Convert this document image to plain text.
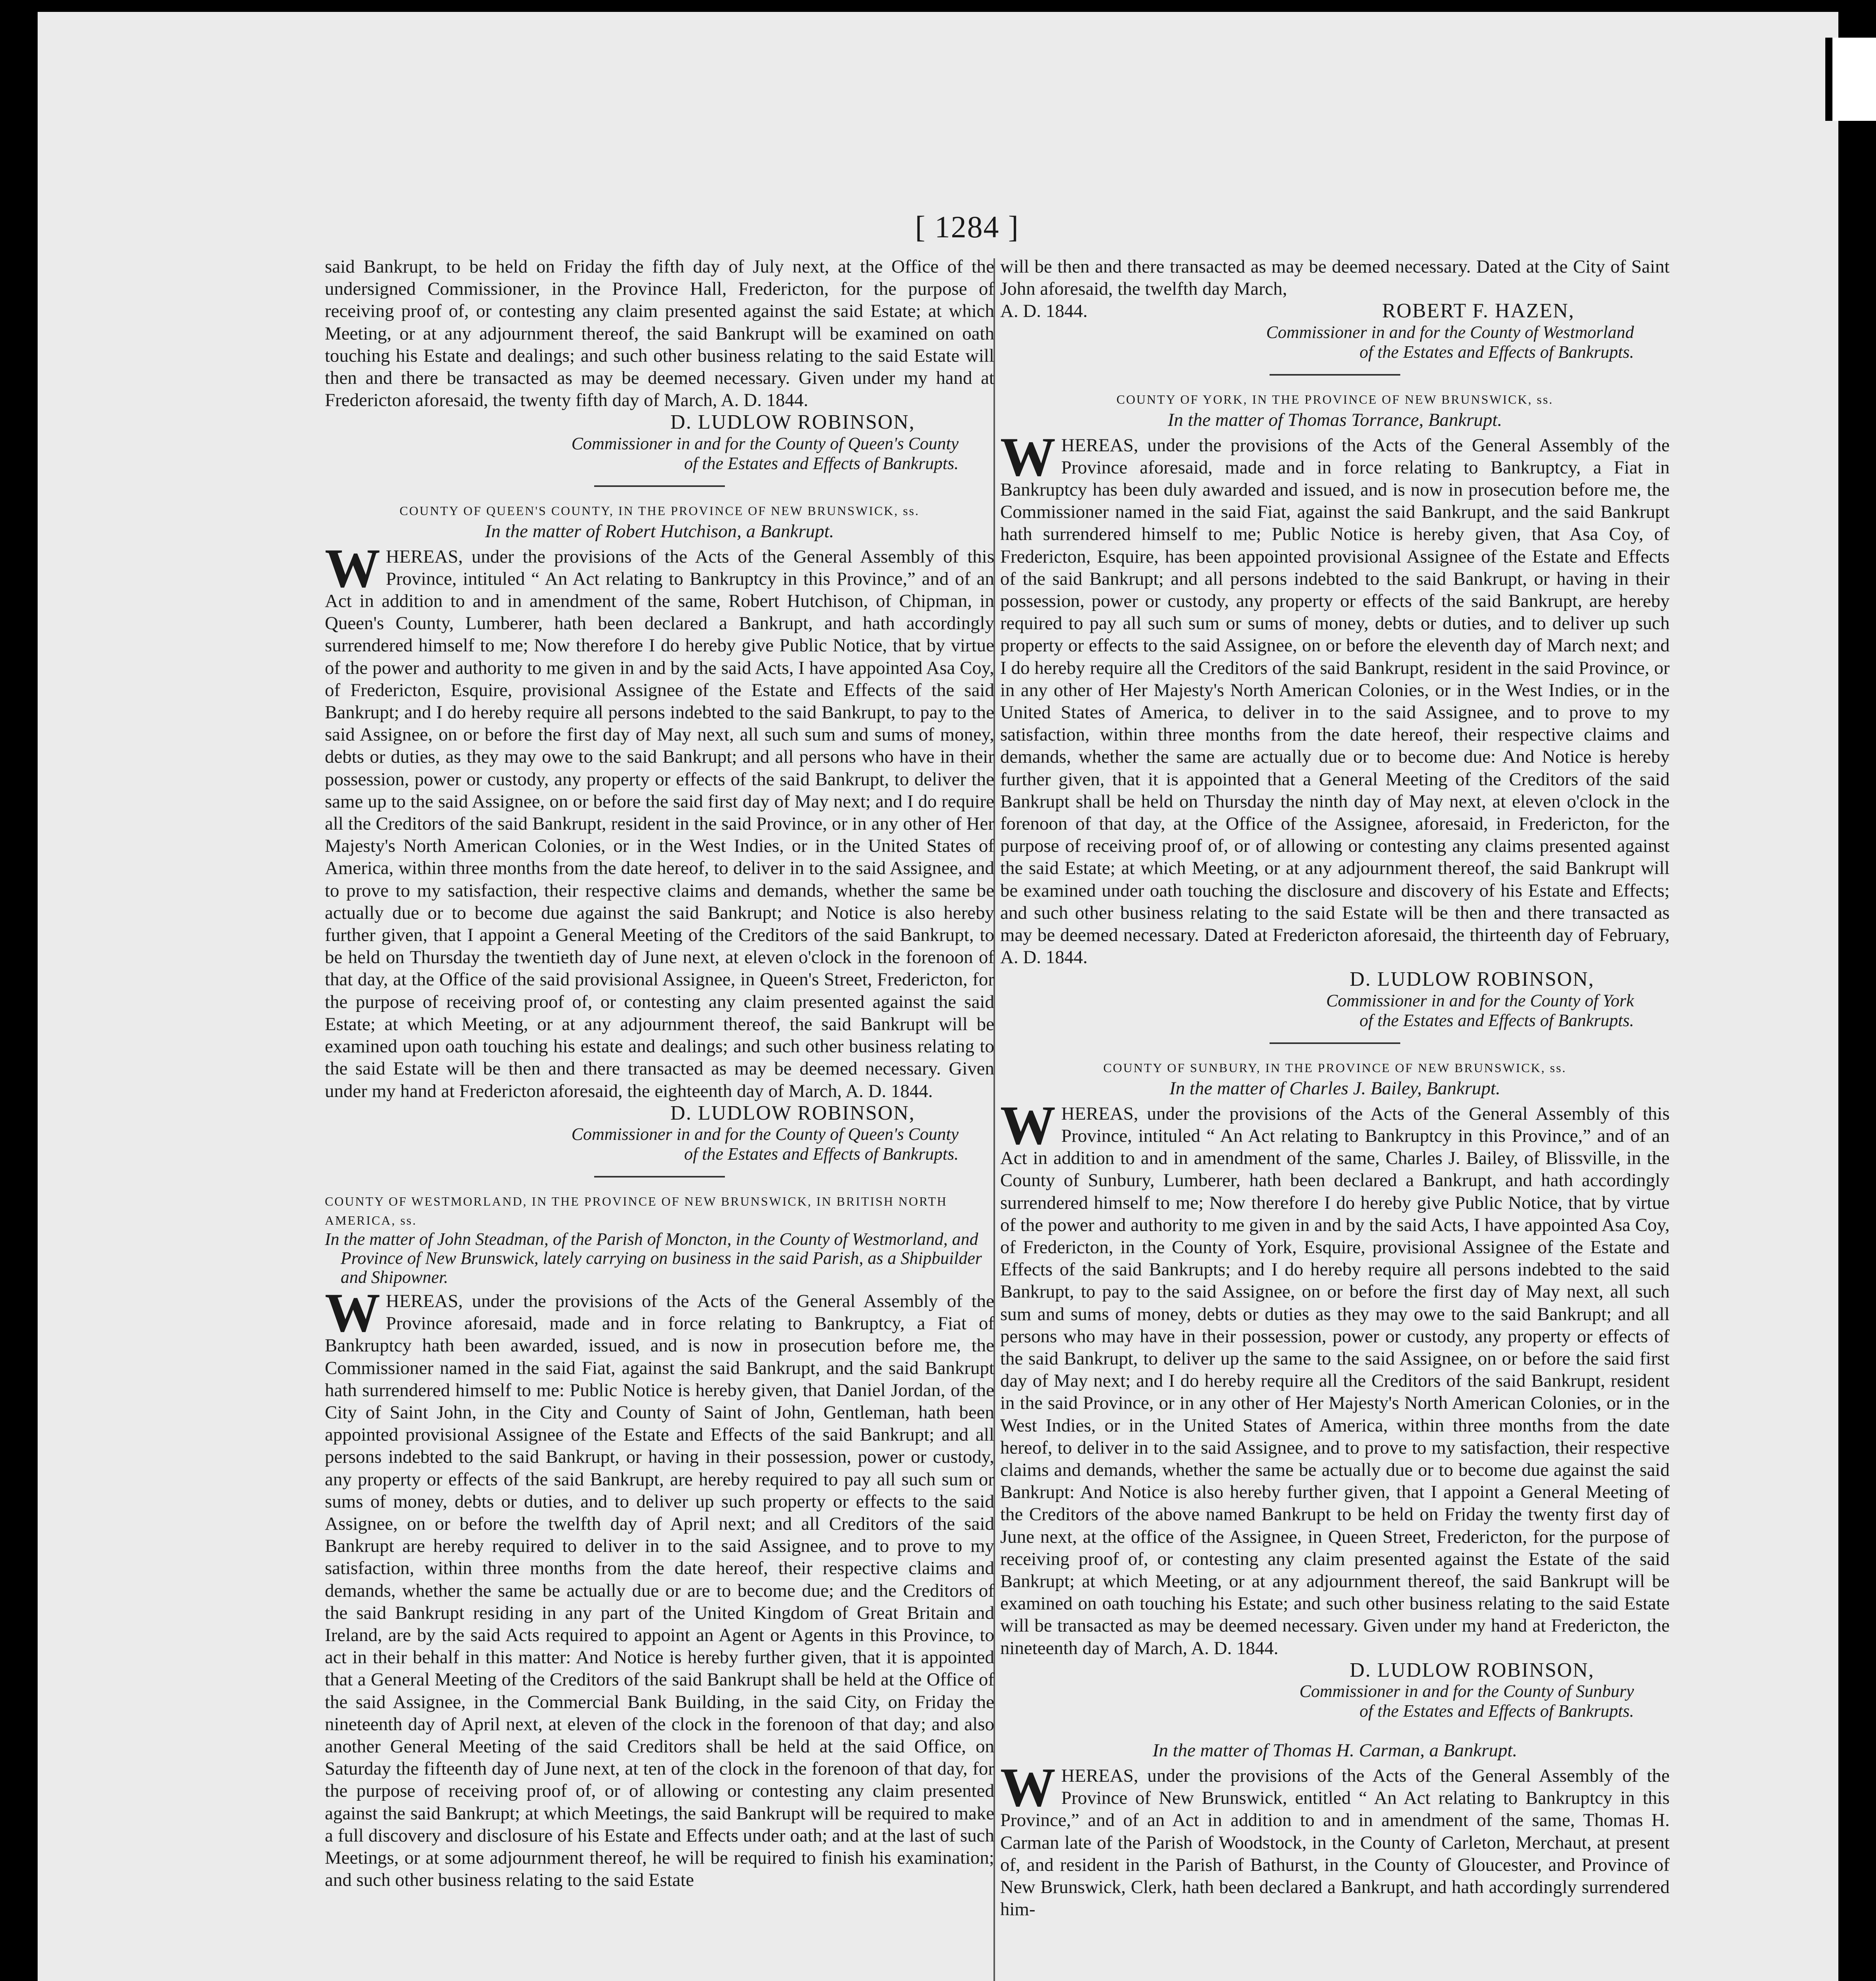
[ 1284 ]

said Bankrupt, to be held on Friday the fifth day of July next, at the Office of the undersigned Commissioner, in the Province Hall, Fredericton, for the purpose of receiving proof of, or contesting any claim presented against the said Estate; at which Meeting, or at any adjournment thereof, the said Bankrupt will be examined on oath touching his Estate and dealings; and such other business relating to the said Estate will then and there be transacted as may be deemed necessary. Given under my hand at Fredericton aforesaid, the twenty fifth day of March, A. D. 1844.

D. LUDLOW ROBINSON,

Commissioner in and for the County of Queen's County

of the Estates and Effects of Bankrupts.

COUNTY OF QUEEN'S COUNTY, IN THE PROVINCE OF NEW BRUNSWICK, ss.

In the matter of Robert Hutchison, a Bankrupt.

WHEREAS, under the provisions of the Acts of the General Assembly of this Province, intituled “ An Act relating to Bankruptcy in this Province,” and of an Act in addition to and in amendment of the same, Robert Hutchison, of Chipman, in Queen's County, Lumberer, hath been declared a Bankrupt, and hath accordingly surrendered himself to me; Now therefore I do hereby give Public Notice, that by virtue of the power and authority to me given in and by the said Acts, I have appointed Asa Coy, of Fredericton, Esquire, provisional Assignee of the Estate and Effects of the said Bankrupt; and I do hereby require all persons indebted to the said Bankrupt, to pay to the said Assignee, on or before the first day of May next, all such sum and sums of money, debts or duties, as they may owe to the said Bankrupt; and all persons who have in their possession, power or custody, any property or effects of the said Bankrupt, to deliver the same up to the said Assignee, on or before the said first day of May next; and I do require all the Creditors of the said Bankrupt, resident in the said Province, or in any other of Her Majesty's North American Colonies, or in the West Indies, or in the United States of America, within three months from the date hereof, to deliver in to the said Assignee, and to prove to my satisfaction, their respective claims and demands, whether the same be actually due or to become due against the said Bankrupt; and Notice is also hereby further given, that I appoint a General Meeting of the Creditors of the said Bankrupt, to be held on Thursday the twentieth day of June next, at eleven o'clock in the forenoon of that day, at the Office of the said provisional Assignee, in Queen's Street, Fredericton, for the purpose of receiving proof of, or contesting any claim presented against the said Estate; at which Meeting, or at any adjournment thereof, the said Bankrupt will be examined upon oath touching his estate and dealings; and such other business relating to the said Estate will be then and there transacted as may be deemed necessary. Given under my hand at Fredericton aforesaid, the eighteenth day of March, A. D. 1844.

D. LUDLOW ROBINSON,

Commissioner in and for the County of Queen's County

of the Estates and Effects of Bankrupts.

COUNTY OF WESTMORLAND, IN THE PROVINCE OF NEW BRUNSWICK, IN BRITISH NORTH AMERICA, ss.

In the matter of John Steadman, of the Parish of Moncton, in the County of Westmorland, and Province of New Brunswick, lately carrying on business in the said Parish, as a Shipbuilder and Shipowner.

WHEREAS, under the provisions of the Acts of the General Assembly of the Province aforesaid, made and in force relating to Bankruptcy, a Fiat of Bankruptcy hath been awarded, issued, and is now in prosecution before me, the Commissioner named in the said Fiat, against the said Bankrupt, and the said Bankrupt hath surrendered himself to me: Public Notice is hereby given, that Daniel Jordan, of the City of Saint John, in the City and County of Saint of John, Gentleman, hath been appointed provisional Assignee of the Estate and Effects of the said Bankrupt; and all persons indebted to the said Bankrupt, or having in their possession, power or custody, any property or effects of the said Bankrupt, are hereby required to pay all such sum or sums of money, debts or duties, and to deliver up such property or effects to the said Assignee, on or before the twelfth day of April next; and all Creditors of the said Bankrupt are hereby required to deliver in to the said Assignee, and to prove to my satisfaction, within three months from the date hereof, their respective claims and demands, whether the same be actually due or are to become due; and the Creditors of the said Bankrupt residing in any part of the United Kingdom of Great Britain and Ireland, are by the said Acts required to appoint an Agent or Agents in this Province, to act in their behalf in this matter: And Notice is hereby further given, that it is appointed that a General Meeting of the Creditors of the said Bankrupt shall be held at the Office of the said Assignee, in the Commercial Bank Building, in the said City, on Friday the nineteenth day of April next, at eleven of the clock in the forenoon of that day; and also another General Meeting of the said Creditors shall be held at the said Office, on Saturday the fifteenth day of June next, at ten of the clock in the forenoon of that day, for the purpose of receiving proof of, or of allowing or contesting any claim presented against the said Bankrupt; at which Meetings, the said Bankrupt will be required to make a full discovery and disclosure of his Estate and Effects under oath; and at the last of such Meetings, or at some adjournment thereof, he will be required to finish his examination; and such other business relating to the said Estate

will be then and there transacted as may be deemed necessary. Dated at the City of Saint John aforesaid, the twelfth day March,

A. D. 1844.	ROBERT F. HAZEN,

Commissioner in and for the County of Westmorland

of the Estates and Effects of Bankrupts.

COUNTY OF YORK, IN THE PROVINCE OF NEW BRUNSWICK, ss.

In the matter of Thomas Torrance, Bankrupt.

WHEREAS, under the provisions of the Acts of the General Assembly of the Province aforesaid, made and in force relating to Bankruptcy, a Fiat in Bankruptcy has been duly awarded and issued, and is now in prosecution before me, the Commissioner named in the said Fiat, against the said Bankrupt, and the said Bankrupt hath surrendered himself to me; Public Notice is hereby given, that Asa Coy, of Fredericton, Esquire, has been appointed provisional Assignee of the Estate and Effects of the said Bankrupt; and all persons indebted to the said Bankrupt, or having in their possession, power or custody, any property or effects of the said Bankrupt, are hereby required to pay all such sum or sums of money, debts or duties, and to deliver up such property or effects to the said Assignee, on or before the eleventh day of March next; and I do hereby require all the Creditors of the said Bankrupt, resident in the said Province, or in any other of Her Majesty's North American Colonies, or in the West Indies, or in the United States of America, to deliver in to the said Assignee, and to prove to my satisfaction, within three months from the date hereof, their respective claims and demands, whether the same are actually due or to become due: And Notice is hereby further given, that it is appointed that a General Meeting of the Creditors of the said Bankrupt shall be held on Thursday the ninth day of May next, at eleven o'clock in the forenoon of that day, at the Office of the Assignee, aforesaid, in Fredericton, for the purpose of receiving proof of, or of allowing or contesting any claims presented against the said Estate; at which Meeting, or at any adjournment thereof, the said Bankrupt will be examined under oath touching the disclosure and discovery of his Estate and Effects; and such other business relating to the said Estate will be then and there transacted as may be deemed necessary. Dated at Fredericton aforesaid, the thirteenth day of February, A. D. 1844.

D. LUDLOW ROBINSON,

Commissioner in and for the County of York

of the Estates and Effects of Bankrupts.

COUNTY OF SUNBURY, IN THE PROVINCE OF NEW BRUNSWICK, ss.

In the matter of Charles J. Bailey, Bankrupt.

WHEREAS, under the provisions of the Acts of the General Assembly of this Province, intituled “ An Act relating to Bankruptcy in this Province,” and of an Act in addition to and in amendment of the same, Charles J. Bailey, of Blissville, in the County of Sunbury, Lumberer, hath been declared a Bankrupt, and hath accordingly surrendered himself to me; Now therefore I do hereby give Public Notice, that by virtue of the power and authority to me given in and by the said Acts, I have appointed Asa Coy, of Fredericton, in the County of York, Esquire, provisional Assignee of the Estate and Effects of the said Bankrupts; and I do hereby require all persons indebted to the said Bankrupt, to pay to the said Assignee, on or before the first day of May next, all such sum and sums of money, debts or duties as they may owe to the said Bankrupt; and all persons who may have in their possession, power or custody, any property or effects of the said Bankrupt, to deliver up the same to the said Assignee, on or before the said first day of May next; and I do hereby require all the Creditors of the said Bankrupt, resident in the said Province, or in any other of Her Majesty's North American Colonies, or in the West Indies, or in the United States of America, within three months from the date hereof, to deliver in to the said Assignee, and to prove to my satisfaction, their respective claims and demands, whether the same be actually due or to become due against the said Bankrupt: And Notice is also hereby further given, that I appoint a General Meeting of the Creditors of the above named Bankrupt to be held on Friday the twenty first day of June next, at the office of the Assignee, in Queen Street, Fredericton, for the purpose of receiving proof of, or contesting any claim presented against the Estate of the said Bankrupt; at which Meeting, or at any adjournment thereof, the said Bankrupt will be examined on oath touching his Estate; and such other business relating to the said Estate will be transacted as may be deemed necessary. Given under my hand at Fredericton, the nineteenth day of March, A. D. 1844.

D. LUDLOW ROBINSON,

Commissioner in and for the County of Sunbury

of the Estates and Effects of Bankrupts.

In the matter of Thomas H. Carman, a Bankrupt.

WHEREAS, under the provisions of the Acts of the General Assembly of the Province of New Brunswick, entitled “ An Act relating to Bankruptcy in this Province,” and of an Act in addition to and in amendment of the same, Thomas H. Carman late of the Parish of Woodstock, in the County of Carleton, Merchaut, at present of, and resident in the Parish of Bathurst, in the County of Gloucester, and Province of New Brunswick, Clerk, hath been declared a Bankrupt, and hath accordingly surrendered him-
